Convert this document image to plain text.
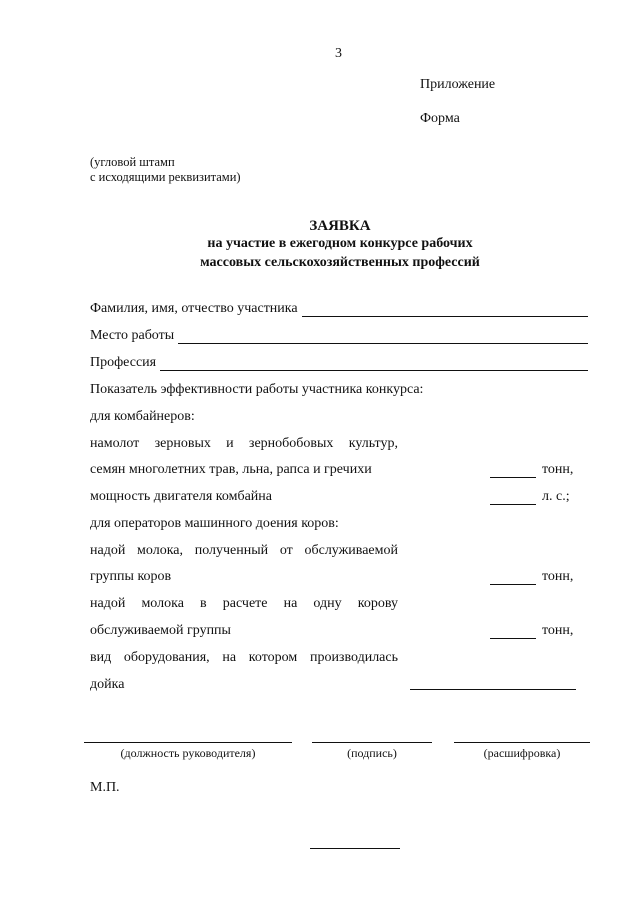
3
Приложение
Форма
(угловой штамп
с исходящими реквизитами)
ЗАЯВКА
на участие в ежегодном конкурсе рабочих
массовых сельскохозяйственных профессий
Фамилия, имя, отчество участника
Место работы
Профессия
Показатель эффективности работы участника конкурса:
для комбайнеров:
намолот зерновых и зернобобовых культур,
семян многолетних трав, льна, рапса и гречихи	тонн,
мощность двигателя комбайна	л. с.;
для операторов машинного доения коров:
надой молока, полученный от обслуживаемой
группы коров	тонн,
надой молока в расчете на одну корову
обслуживаемой группы	тонн,
вид оборудования, на котором производилась
дойка
(должность руководителя)	(подпись)	(расшифровка)
М.П.
